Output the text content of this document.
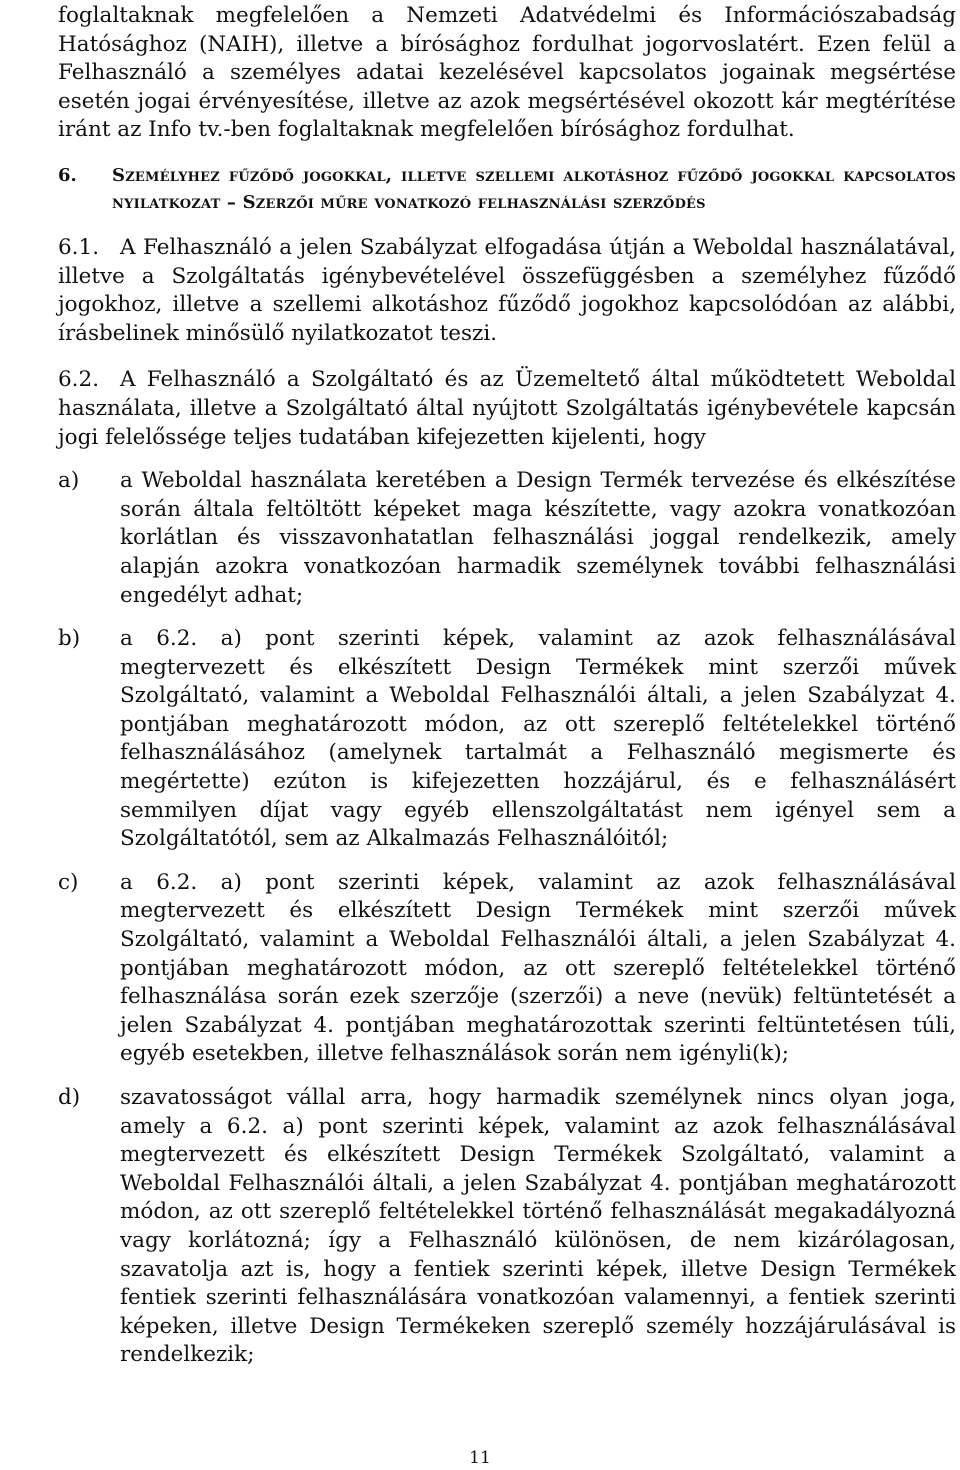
foglaltaknak megfelelően a Nemzeti Adatvédelmi és Információszabadság Hatósághoz (NAIH), illetve a bírósághoz fordulhat jogorvoslatért. Ezen felül a Felhasználó a személyes adatai kezelésével kapcsolatos jogainak megsértése esetén jogai érvényesítése, illetve az azok megsértésével okozott kár megtérítése iránt az Info tv.-ben foglaltaknak megfelelően bírósághoz fordulhat.

6.	Személyhez fűződő jogokkal, illetve szellemi alkotáshoz fűződő jogokkal kapcsolatos nyilatkozat – Szerzői műre vonatkozó felhasználási szerződés
6.1. A Felhasználó a jelen Szabályzat elfogadása útján a Weboldal használatával, illetve a Szolgáltatás igénybevételével összefüggésben a személyhez fűződő jogokhoz, illetve a szellemi alkotáshoz fűződő jogokhoz kapcsolódóan az alábbi, írásbelinek minősülő nyilatkozatot teszi.
6.2. A Felhasználó a Szolgáltató és az Üzemeltető által működtetett Weboldal használata, illetve a Szolgáltató által nyújtott Szolgáltatás igénybevétele kapcsán jogi felelőssége teljes tudatában kifejezetten kijelenti, hogy
a)	a Weboldal használata keretében a Design Termék tervezése és elkészítése során általa feltöltött képeket maga készítette, vagy azokra vonatkozóan korlátlan és visszavonhatatlan felhasználási joggal rendelkezik, amely alapján azokra vonatkozóan harmadik személynek további felhasználási engedélyt adhat;
b)	a 6.2. a) pont szerinti képek, valamint az azok felhasználásával megtervezett és elkészített Design Termékek mint szerzői művek Szolgáltató, valamint a Weboldal Felhasználói általi, a jelen Szabályzat 4. pontjában meghatározott módon, az ott szereplő feltételekkel történő felhasználásához (amelynek tartalmát a Felhasználó megismerte és megértette) ezúton is kifejezetten hozzájárul, és e felhasználásért semmilyen díjat vagy egyéb ellenszolgáltatást nem igényel sem a Szolgáltatótól, sem az Alkalmazás Felhasználóitól;
c)	a 6.2. a) pont szerinti képek, valamint az azok felhasználásával megtervezett és elkészített Design Termékek mint szerzői művek Szolgáltató, valamint a Weboldal Felhasználói általi, a jelen Szabályzat 4. pontjában meghatározott módon, az ott szereplő feltételekkel történő felhasználása során ezek szerzője (szerzői) a neve (nevük) feltüntetését a jelen Szabályzat 4. pontjában meghatározottak szerinti feltüntetésen túli, egyéb esetekben, illetve felhasználások során nem igényli(k);
d)	szavatosságot vállal arra, hogy harmadik személynek nincs olyan joga, amely a 6.2. a) pont szerinti képek, valamint az azok felhasználásával megtervezett és elkészített Design Termékek Szolgáltató, valamint a Weboldal Felhasználói általi, a jelen Szabályzat 4. pontjában meghatározott módon, az ott szereplő feltételekkel történő felhasználását megakadályozná vagy korlátozná; így a Felhasználó különösen, de nem kizárólagosan, szavatolja azt is, hogy a fentiek szerinti képek, illetve Design Termékek fentiek szerinti felhasználására vonatkozóan valamennyi, a fentiek szerinti képeken, illetve Design Termékeken szereplő személy hozzájárulásával is rendelkezik;
11
